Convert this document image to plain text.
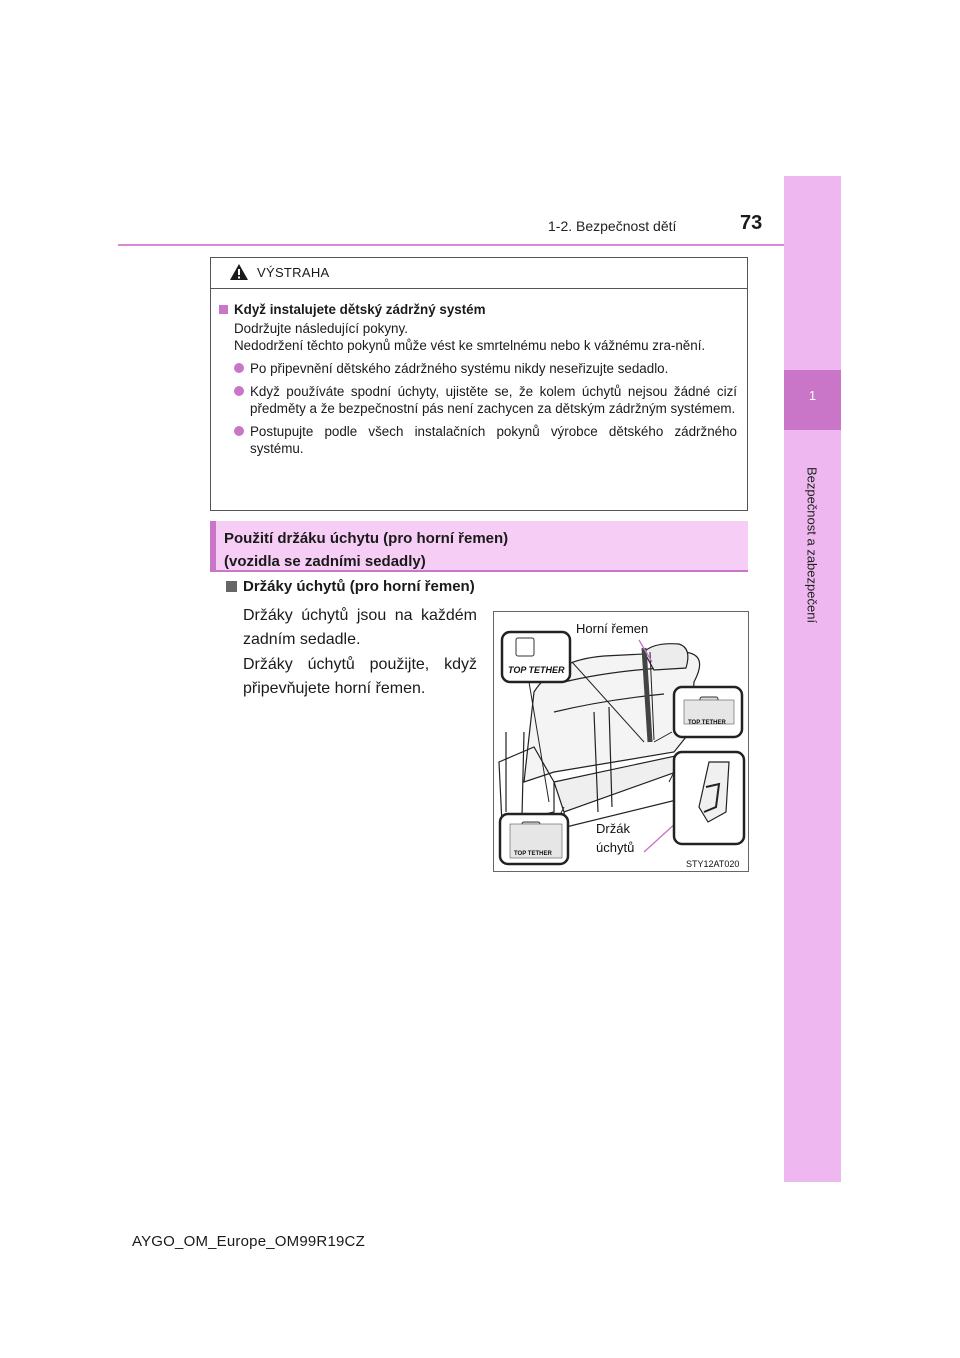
1
Bezpečnost a zabezpečení
1-2. Bezpečnost dětí	73
VÝSTRAHA
Když instalujete dětský zádržný systém
Dodržujte následující pokyny.
Nedodržení těchto pokynů může vést ke smrtelnému nebo k vážnému zra-nění.
Po připevnění dětského zádržného systému nikdy neseřizujte sedadlo.
Když používáte spodní úchyty, ujistěte se, že kolem úchytů nejsou žádné cizí předměty a že bezpečnostní pás není zachycen za dětským zádržným systémem.
Postupujte podle všech instalačních pokynů výrobce dětského zádržného systému.
Použití držáku úchytu (pro horní řemen)
(vozidla se zadními sedadly)
Držáky úchytů (pro horní řemen)
Držáky úchytů jsou na každém zadním sedadle.
Držáky úchytů použijte, když připevňujete horní řemen.
TOP TETHER
TOP TETHER
TOP TETHER
Horní řemen
Držák
úchytů
STY12AT020
AYGO_OM_Europe_OM99R19CZ
